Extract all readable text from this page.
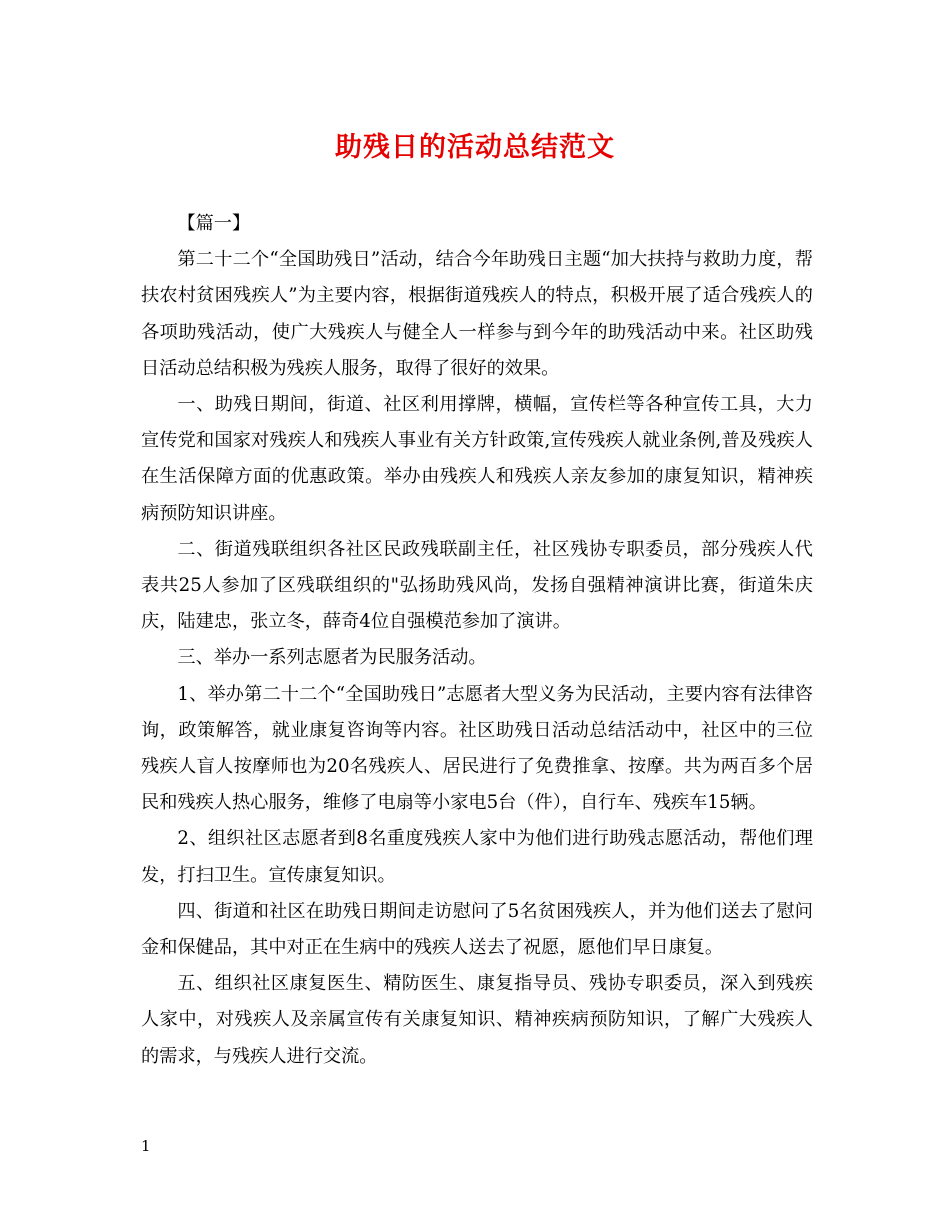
助残日的活动总结范文

【篇一】

第二十二个“全国助残日”活动，结合今年助残日主题“加大扶持与救助力度，帮扶农村贫困残疾人”为主要内容，根据街道残疾人的特点，积极开展了适合残疾人的各项助残活动，使广大残疾人与健全人一样参与到今年的助残活动中来。社区助残日活动总结积极为残疾人服务，取得了很好的效果。

一、助残日期间，街道、社区利用撑牌，横幅，宣传栏等各种宣传工具，大力宣传党和国家对残疾人和残疾人事业有关方针政策,宣传残疾人就业条例,普及残疾人在生活保障方面的优惠政策。举办由残疾人和残疾人亲友参加的康复知识，精神疾病预防知识讲座。

二、街道残联组织各社区民政残联副主任，社区残协专职委员，部分残疾人代表共25人参加了区残联组织的"弘扬助残风尚，发扬自强精神演讲比赛，街道朱庆庆，陆建忠，张立冬，薛奇4位自强模范参加了演讲。

三、举办一系列志愿者为民服务活动。

1、举办第二十二个“全国助残日”志愿者大型义务为民活动，主要内容有法律咨询，政策解答，就业康复咨询等内容。社区助残日活动总结活动中，社区中的三位残疾人盲人按摩师也为20名残疾人、居民进行了免费推拿、按摩。共为两百多个居民和残疾人热心服务，维修了电扇等小家电5台（件），自行车、残疾车15辆。

2、组织社区志愿者到8名重度残疾人家中为他们进行助残志愿活动，帮他们理发，打扫卫生。宣传康复知识。

四、街道和社区在助残日期间走访慰问了5名贫困残疾人，并为他们送去了慰问金和保健品，其中对正在生病中的残疾人送去了祝愿，愿他们早日康复。

五、组织社区康复医生、精防医生、康复指导员、残协专职委员，深入到残疾人家中，对残疾人及亲属宣传有关康复知识、精神疾病预防知识，了解广大残疾人的需求，与残疾人进行交流。

1
